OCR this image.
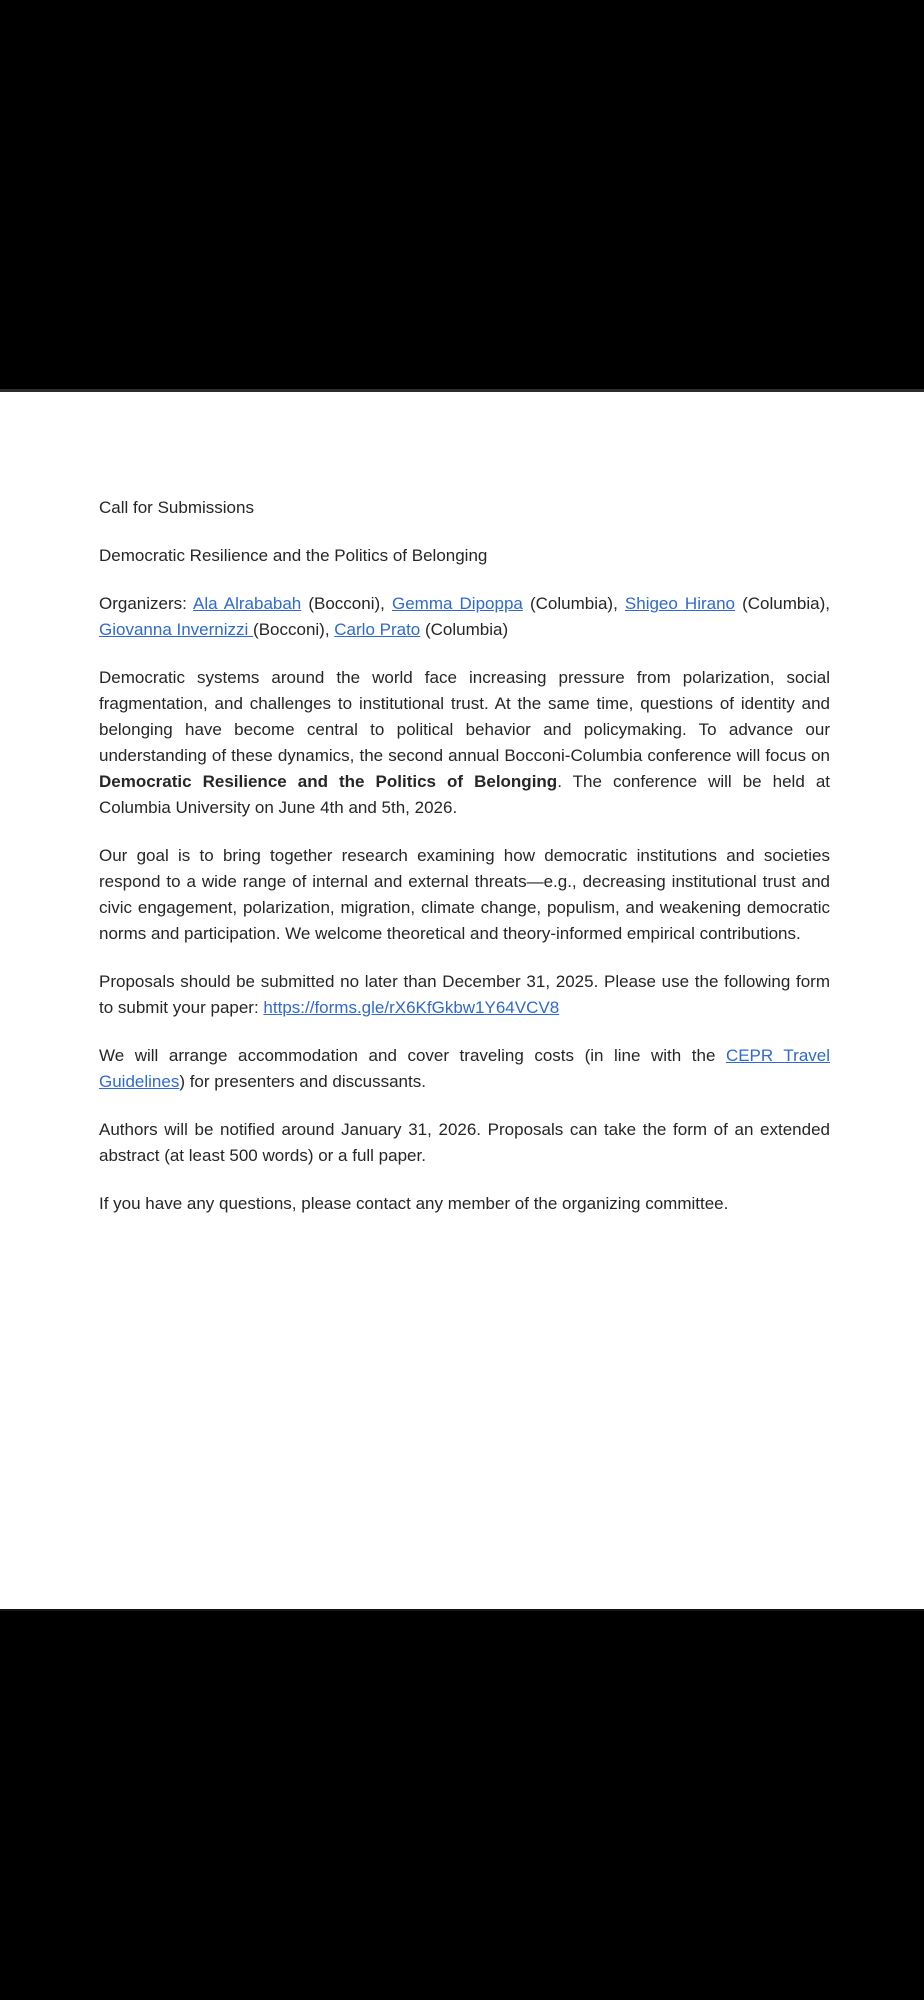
Call for Submissions
Democratic Resilience and the Politics of Belonging

Organizers: Ala Alrababah (Bocconi), Gemma Dipoppa (Columbia), Shigeo Hirano (Columbia), Giovanna Invernizzi (Bocconi), Carlo Prato (Columbia)

Democratic systems around the world face increasing pressure from polarization, social fragmentation, and challenges to institutional trust. At the same time, questions of identity and belonging have become central to political behavior and policymaking. To advance our understanding of these dynamics, the second annual Bocconi-Columbia conference will focus on Democratic Resilience and the Politics of Belonging. The conference will be held at Columbia University on June 4th and 5th, 2026.

Our goal is to bring together research examining how democratic institutions and societies respond to a wide range of internal and external threats—e.g., decreasing institutional trust and civic engagement, polarization, migration, climate change, populism, and weakening democratic norms and participation. We welcome theoretical and theory-informed empirical contributions.

Proposals should be submitted no later than December 31, 2025. Please use the following form to submit your paper: https://forms.gle/rX6KfGkbw1Y64VCV8

We will arrange accommodation and cover traveling costs (in line with the CEPR Travel Guidelines) for presenters and discussants.

Authors will be notified around January 31, 2026. Proposals can take the form of an extended abstract (at least 500 words) or a full paper.

If you have any questions, please contact any member of the organizing committee.
